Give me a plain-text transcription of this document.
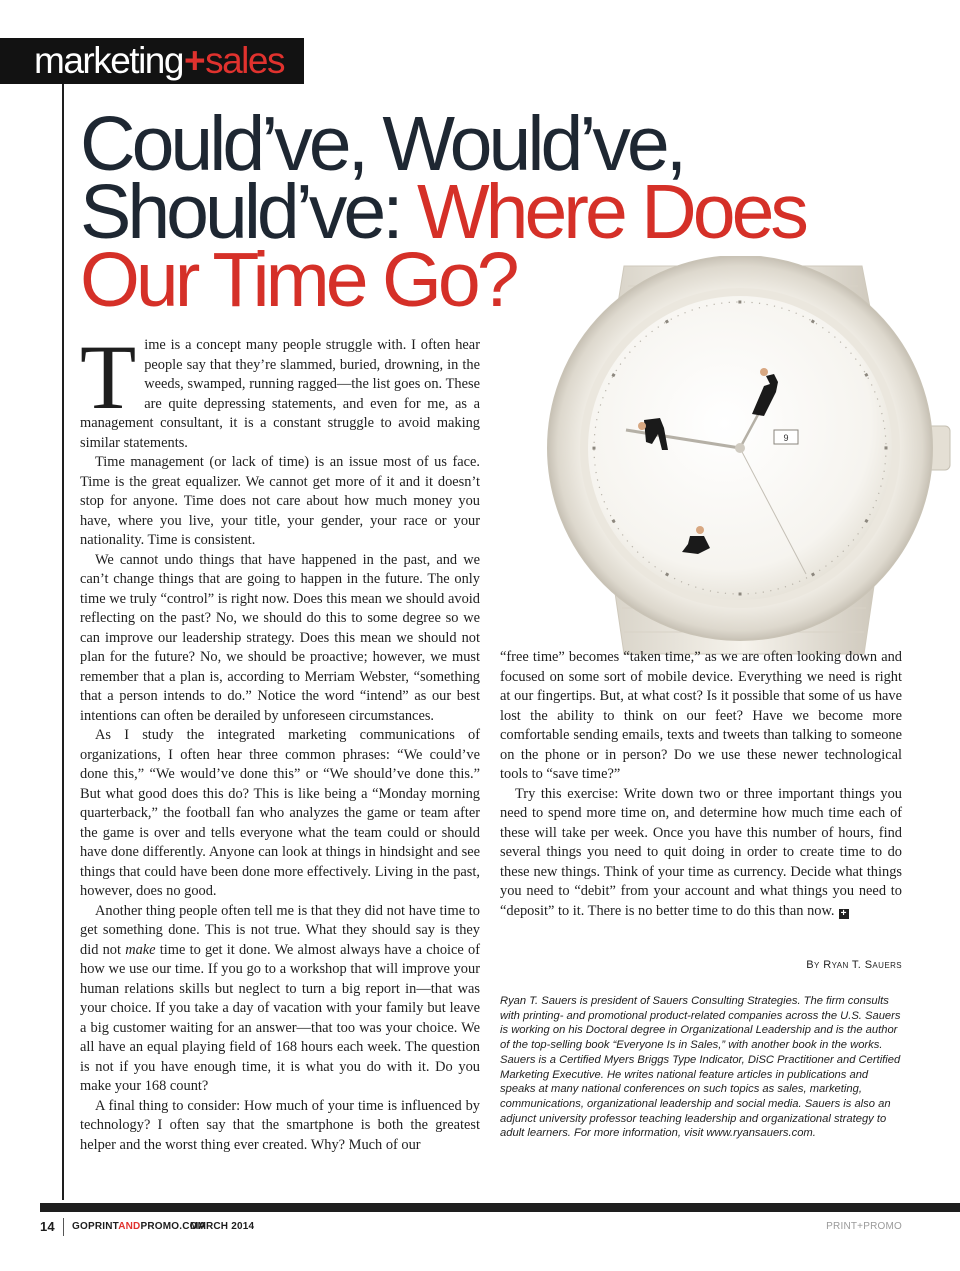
marketing+sales
Could’ve, Would’ve,
Should’ve: Where Does
Our Time Go?
9

Time is a concept many people struggle with. I often hear people say that they’re slammed, buried, drowning, in the weeds, swamped, running ragged—the list goes on. These are quite depressing statements, and even for me, as a management consultant, it is a constant struggle to avoid making similar statements.

Time management (or lack of time) is an issue most of us face. Time is the great equalizer. We cannot get more of it and it doesn’t stop for anyone. Time does not care about how much money you have, where you live, your title, your gender, your race or your nationality. Time is consistent.

We cannot undo things that have happened in the past, and we can’t change things that are going to happen in the future. The only time we truly “control” is right now. Does this mean we should avoid reflecting on the past? No, we should do this to some degree so we can improve our leadership strategy. Does this mean we should not plan for the future? No, we should be proactive; however, we must remember that a plan is, according to Merriam Webster, “something that a person intends to do.” Notice the word “intend” as our best intentions can often be derailed by unforeseen circumstances.

As I study the integrated marketing communications of organizations, I often hear three common phrases: “We could’ve done this,” “We would’ve done this” or “We should’ve done this.” But what good does this do? This is like being a “Monday morning quarterback,” the football fan who analyzes the game or team after the game is over and tells everyone what the team could or should have done differently. Anyone can look at things in hindsight and see things that could have been done more effectively. Living in the past, however, does no good.

Another thing people often tell me is that they did not have time to get something done. This is not true. What they should say is they did not make time to get it done. We almost always have a choice of how we use our time. If you go to a workshop that will improve your human relations skills but neglect to turn a big report in—that was your choice. If you take a day of vacation with your family but leave a big customer waiting for an answer—that too was your choice. We all have an equal playing field of 168 hours each week. The question is not if you have enough time, it is what you do with it. Do you make your 168 count?

A final thing to consider: How much of your time is influenced by technology? I often say that the smartphone is both the greatest helper and the worst thing ever created. Why? Much of our

“free time” becomes “taken time,” as we are often looking down and focused on some sort of mobile device. Everything we need is right at our fingertips. But, at what cost? Is it possible that some of us have lost the ability to think on our feet? Have we become more comfortable sending emails, texts and tweets than talking to someone on the phone or in person? Do we use these newer technological tools to “save time?”

Try this exercise: Write down two or three important things you need to spend more time on, and determine how much time each of these will take per week. Once you have this number of hours, find several things you need to quit doing in order to create time to do these new things. Think of your time as currency. Decide what things you need to “debit” from your account and what things you need to “deposit” to it. There is no better time to do this than now. +

By Ryan T. Sauers

Ryan T. Sauers is president of Sauers Consulting Strategies. The firm consults with printing- and promotional product-related companies across the U.S. Sauers is working on his Doctoral degree in Organizational Leadership and is the author of the top-selling book “Everyone Is in Sales,” with another book in the works. Sauers is a Certified Myers Briggs Type Indicator, DiSC Practitioner and Certified Marketing Executive. He writes national feature articles in publications and speaks at many national conferences on such topics as sales, marketing, communications, organizational leadership and social media. Sauers is also an adjunct university professor teaching leadership and organizational strategy to adult learners. For more information, visit www.ryansauers.com.

14 GOPRINTANDPROMO.COM
MARCH 2014	PRINT+PROMO
